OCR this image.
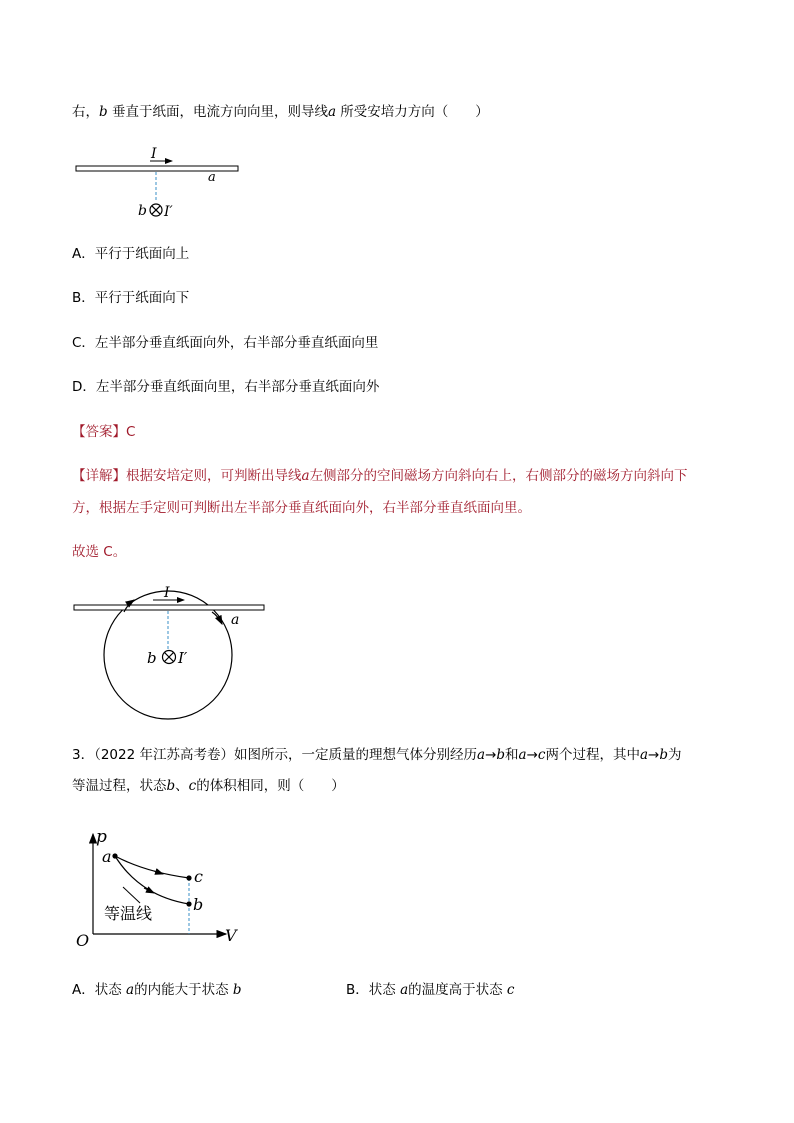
右，b 垂直于纸面，电流方向向里，则导线a 所受安培力方向（　　）
I
a
b I′
A．平行于纸面向上
B．平行于纸面向下
C．左半部分垂直纸面向外，右半部分垂直纸面向里
D．左半部分垂直纸面向里，右半部分垂直纸面向外
【答案】C
【详解】根据安培定则，可判断出导线a左侧部分的空间磁场方向斜向右上，右侧部分的磁场方向斜向下
方，根据左手定则可判断出左半部分垂直纸面向外，右半部分垂直纸面向里。
故选 C。
I
a
b I′
3．（2022 年江苏高考卷）如图所示，一定质量的理想气体分别经历a→b和a→c两个过程，其中a→b为
等温过程，状态b、c的体积相同，则（　　）
p
V
O
a
c
b
等温线
A．状态 a的内能大于状态 b	B．状态 a的温度高于状态 c
